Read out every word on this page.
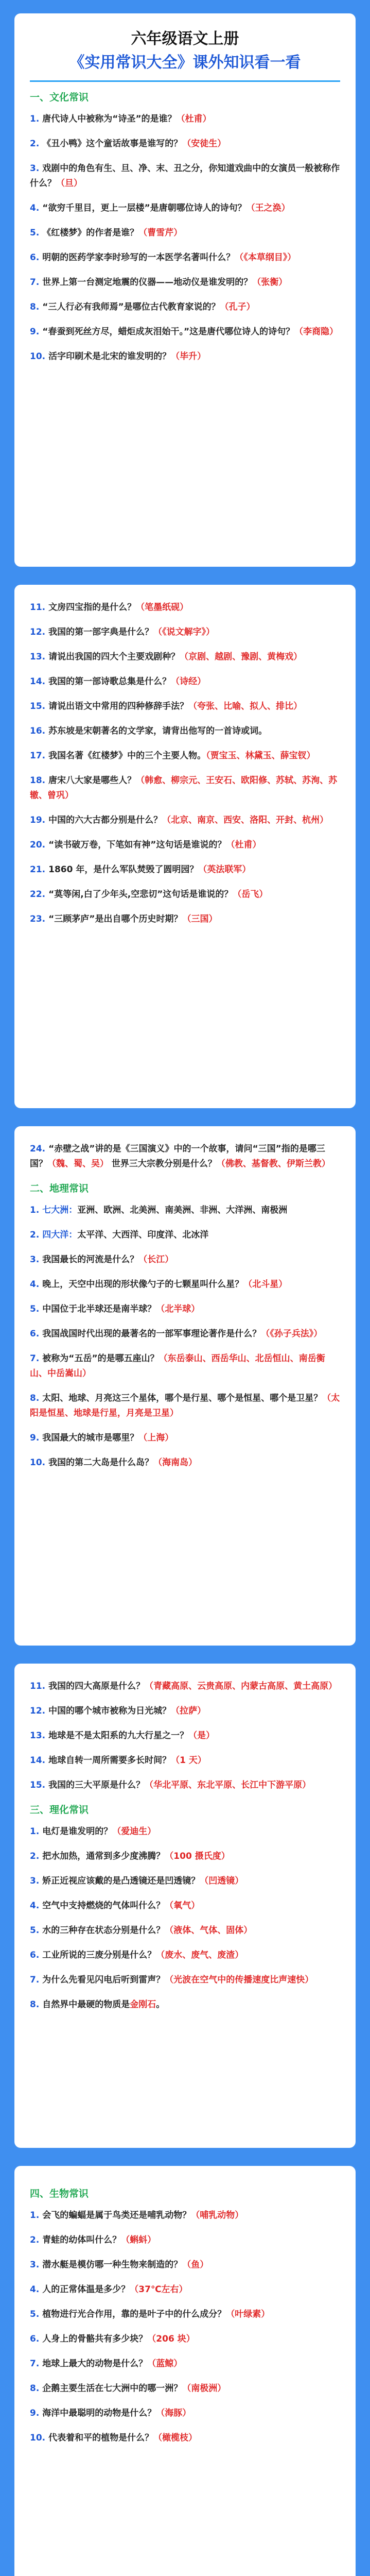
六年级语文上册
《实用常识大全》课外知识看一看
一、文化常识
1. 唐代诗人中被称为“诗圣”的是谁？（杜甫）
2. 《丑小鸭》这个童话故事是谁写的？（安徒生）
3. 戏剧中的角色有生、旦、净、末、丑之分，你知道戏曲中的女演员一般被称作什么？（旦）
4. “欲穷千里目，更上一层楼”是唐朝哪位诗人的诗句？（王之涣）
5. 《红楼梦》的作者是谁？（曹雪芹）
6. 明朝的医药学家李时珍写的一本医学名著叫什么？（《本草纲目》）
7. 世界上第一台测定地震的仪器——地动仪是谁发明的？（张衡）
8. “三人行必有我师焉”是哪位古代教育家说的？（孔子）
9. “春蚕到死丝方尽，蜡炬成灰泪始干。”这是唐代哪位诗人的诗句？（李商隐）
10. 活字印刷术是北宋的谁发明的？（毕升）
11. 文房四宝指的是什么？（笔墨纸砚）
12. 我国的第一部字典是什么？（《说文解字》）
13. 请说出我国的四大个主要戏剧种？（京剧、越剧、豫剧、黄梅戏）
14. 我国的第一部诗歌总集是什么？（诗经）
15. 请说出语文中常用的四种修辞手法？（夸张、比喻、拟人、排比）
16. 苏东坡是宋朝著名的文学家，请背出他写的一首诗或词。
17. 我国名著《红楼梦》中的三个主要人物。（贾宝玉、林黛玉、薛宝钗）
18. 唐宋八大家是哪些人？（韩愈、柳宗元、王安石、欧阳修、苏轼、苏洵、苏辙、曾巩）
19. 中国的六大古都分别是什么？（北京、南京、西安、洛阳、开封、杭州）
20. “读书破万卷，下笔如有神”这句话是谁说的？（杜甫）
21. 1860 年，是什么军队焚毁了圆明园？（英法联军）
22. “莫等闲,白了少年头,空悲切”这句话是谁说的？（岳飞）
23. “三顾茅庐”是出自哪个历史时期？（三国）
24. “赤壁之战”讲的是《三国演义》中的一个故事，请问“三国”指的是哪三国？（魏、蜀、吴） 世界三大宗教分别是什么？（佛教、基督教、伊斯兰教）
二、地理常识
1. 七大洲：亚洲、欧洲、北美洲、南美洲、非洲、大洋洲、南极洲
2. 四大洋：太平洋、大西洋、印度洋、北冰洋
3. 我国最长的河流是什么？（长江）
4. 晚上，天空中出现的形状像勺子的七颗星叫什么星？（北斗星）
5. 中国位于北半球还是南半球？（北半球）
6. 我国战国时代出现的最著名的一部军事理论著作是什么？（《孙子兵法》）
7. 被称为“五岳”的是哪五座山？（东岳泰山、西岳华山、北岳恒山、南岳衡山、中岳嵩山）
8. 太阳、地球、月亮这三个星体，哪个是行星、哪个是恒星、哪个是卫星？（太阳是恒星、地球是行星，月亮是卫星）
9. 我国最大的城市是哪里？（上海）
10. 我国的第二大岛是什么岛？（海南岛）
11. 我国的四大高原是什么？（青藏高原、云贵高原、内蒙古高原、黄土高原）
12. 中国的哪个城市被称为日光城？（拉萨）
13. 地球是不是太阳系的九大行星之一？（是）
14. 地球自转一周所需要多长时间？（1 天）
15. 我国的三大平原是什么？（华北平原、东北平原、长江中下游平原）
三、理化常识
1. 电灯是谁发明的？（爱迪生）
2. 把水加热，通常到多少度沸腾？（100 摄氏度）
3. 矫正近视应该戴的是凸透镜还是凹透镜？（凹透镜）
4. 空气中支持燃烧的气体叫什么？（氧气）
5. 水的三种存在状态分别是什么？（液体、气体、固体）
6. 工业所说的三废分别是什么？（废水、废气、废渣）
7. 为什么先看见闪电后听到雷声？（光波在空气中的传播速度比声速快）
8. 自然界中最硬的物质是金刚石。
四、生物常识
1. 会飞的蝙蝠是属于鸟类还是哺乳动物？（哺乳动物）
2. 青蛙的幼体叫什么？（蝌蚪）
3. 潜水艇是模仿哪一种生物来制造的？（鱼）
4. 人的正常体温是多少？（37℃左右）
5. 植物进行光合作用，靠的是叶子中的什么成分？（叶绿素）
6. 人身上的骨骼共有多少块？（206 块）
7. 地球上最大的动物是什么？（蓝鲸）
8. 企鹅主要生活在七大洲中的哪一洲？（南极洲）
9. 海洋中最聪明的动物是什么？（海豚）
10. 代表着和平的植物是什么？（橄榄枝）
